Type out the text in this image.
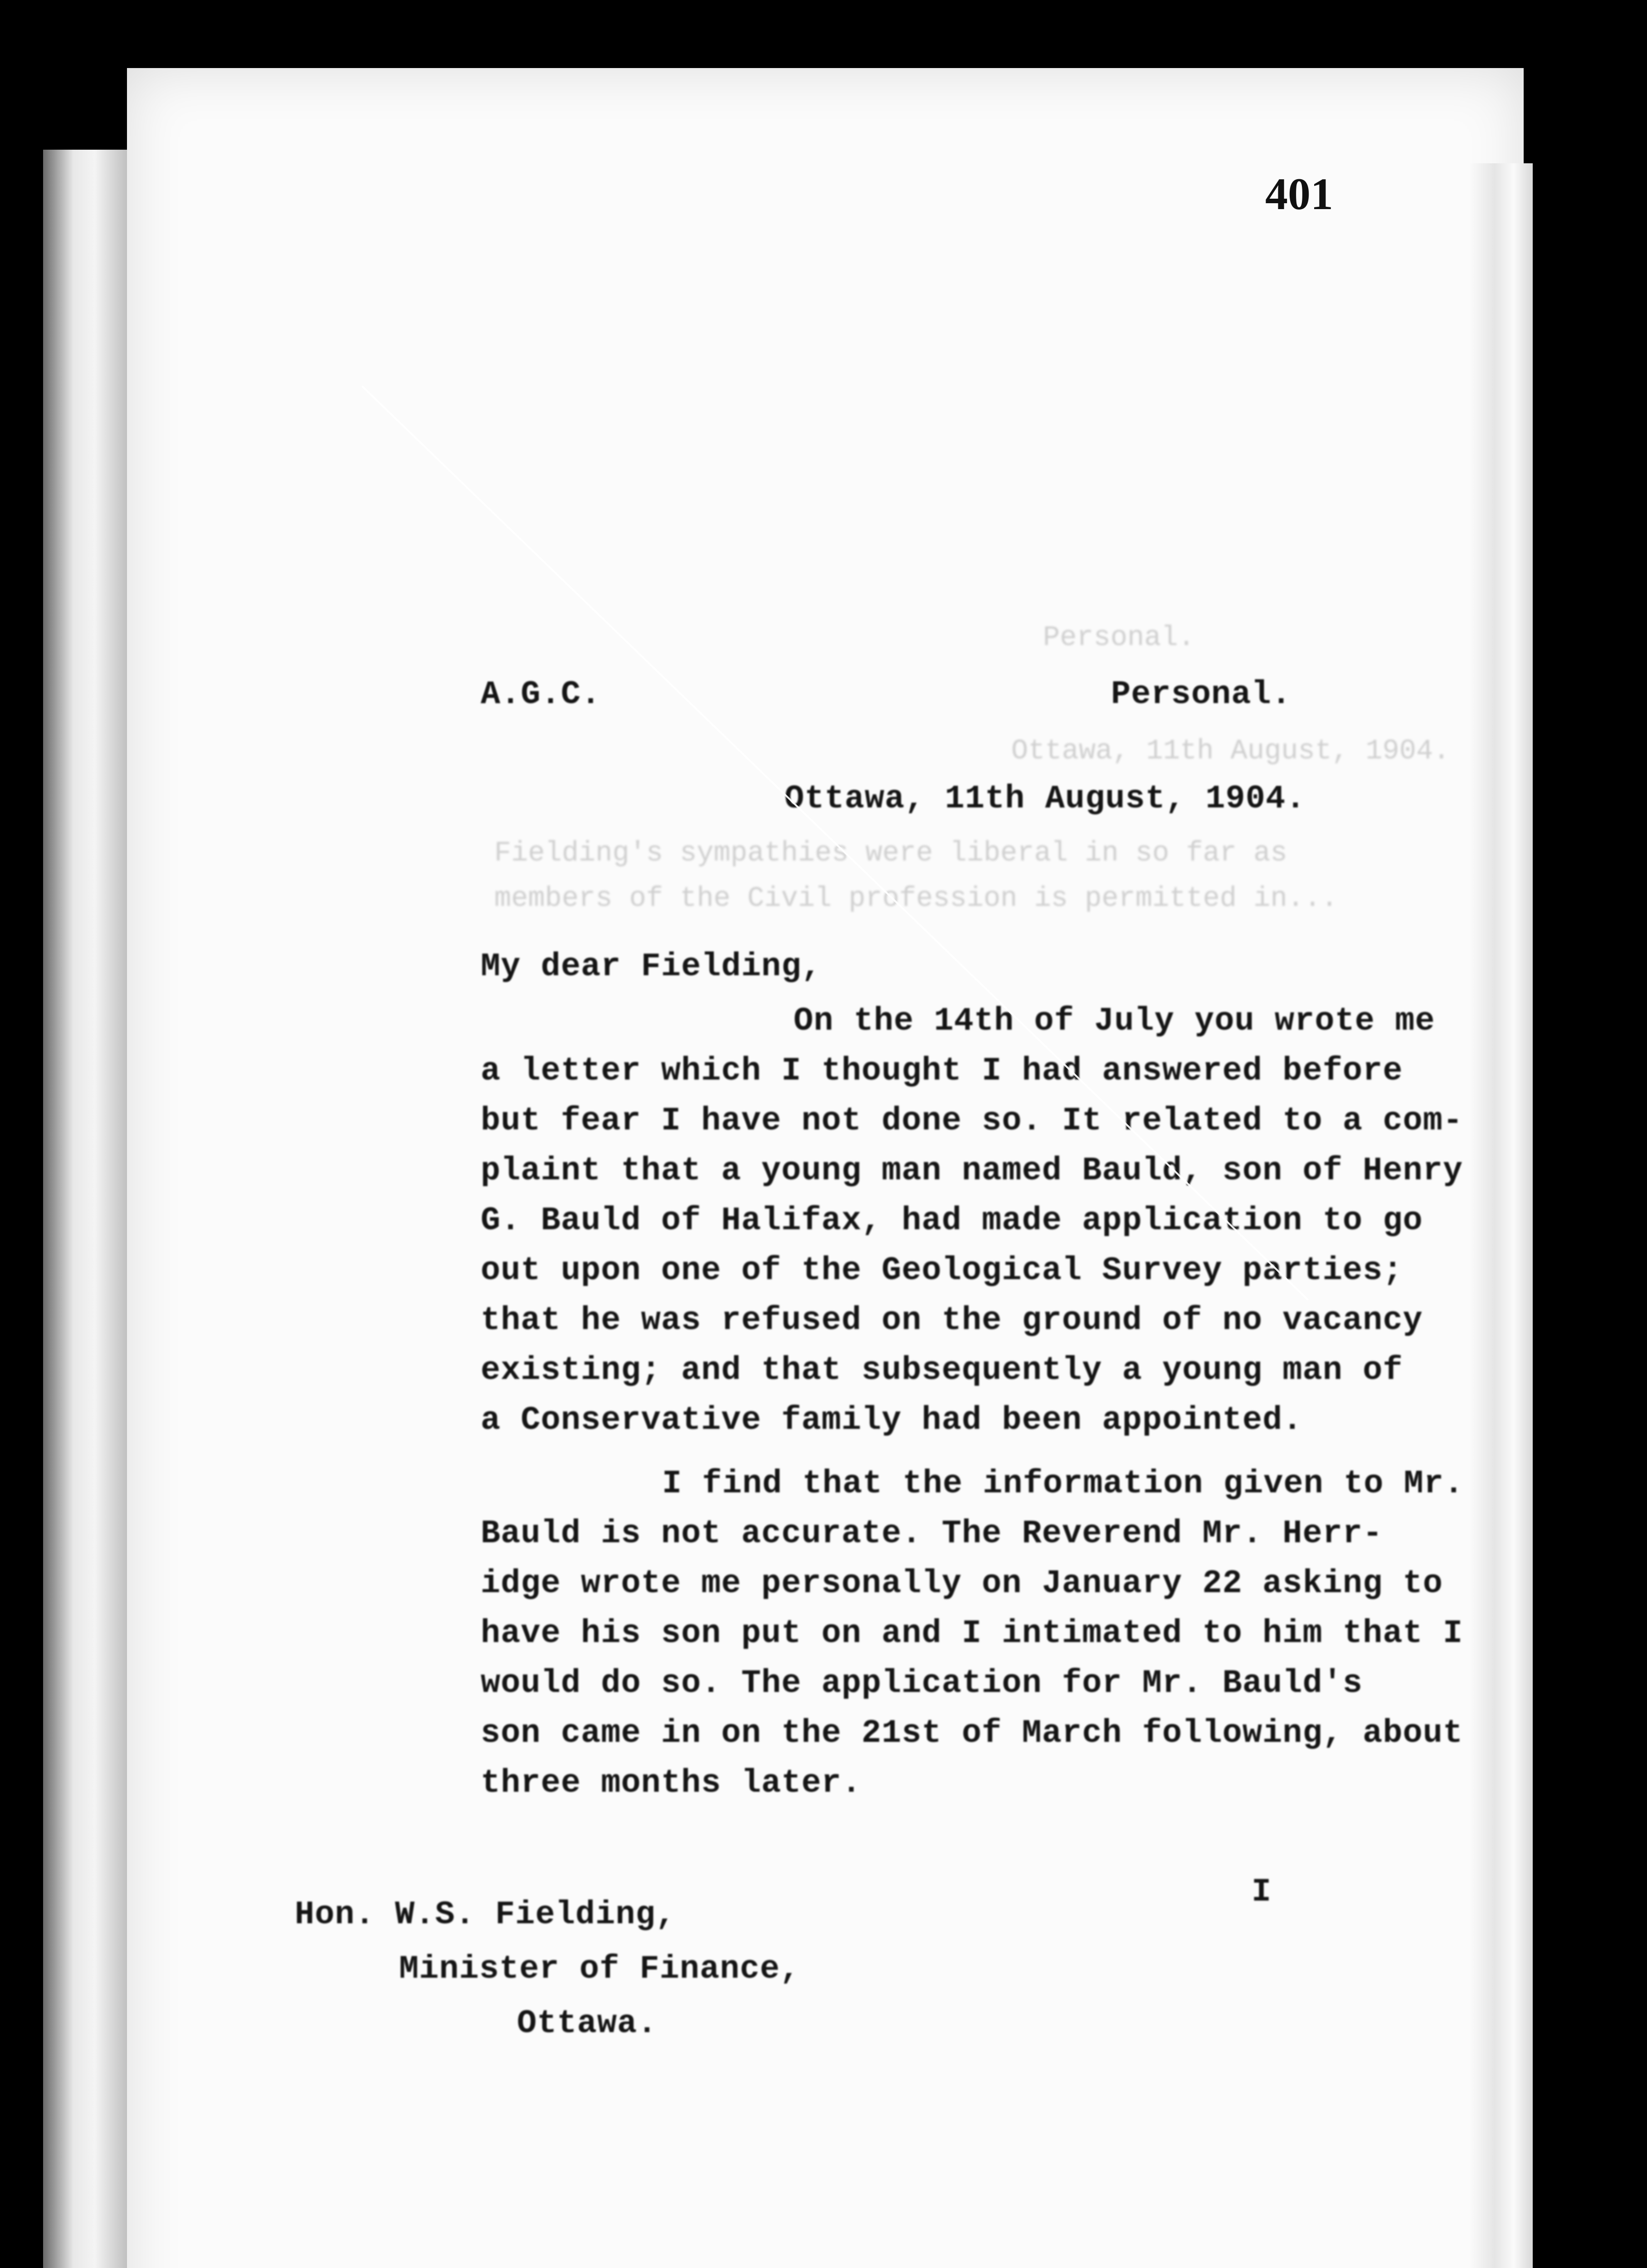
401
Personal.
Ottawa, 11th August, 1904.
Fielding's sympathies were liberal in so far as
members of the Civil profession is permitted in...
A.G.C.	Personal.
Ottawa, 11th August, 1904.
My dear Fielding,
On the 14th of July you wrote me
a letter which I thought I had answered before
but fear I have not done so. It related to a com-
plaint that a young man named Bauld, son of Henry
G. Bauld of Halifax, had made application to go
out upon one of the Geological Survey parties;
that he was refused on the ground of no vacancy
existing; and that subsequently a young man of
a Conservative family had been appointed.
I find that the information given to Mr.
Bauld is not accurate. The Reverend Mr. Herr-
idge wrote me personally on January 22 asking to
have his son put on and I intimated to him that I
would do so. The application for Mr. Bauld's
son came in on the 21st of March following, about
three months later.
I
Hon. W.S. Fielding,
Minister of Finance,
Ottawa.
